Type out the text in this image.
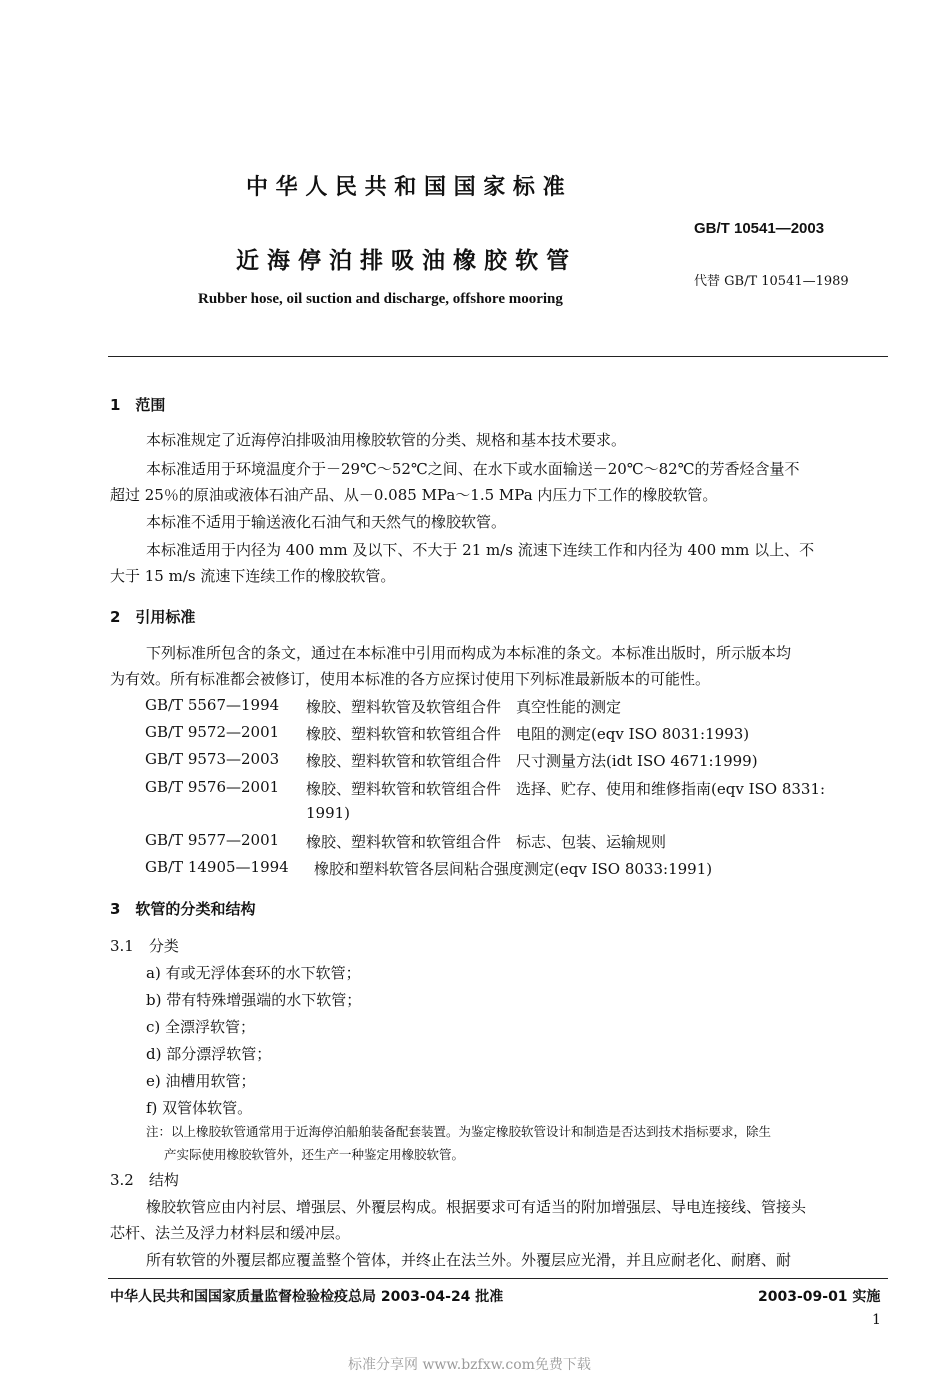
中 华 人 民 共 和 国 国 家 标 准
GB/T 10541—2003
近 海 停 泊 排 吸 油 橡 胶 软 管
代替 GB/T 10541—1989
Rubber hose, oil suction and discharge, offshore mooring
1　范围
本标准规定了近海停泊排吸油用橡胶软管的分类、规格和基本技术要求。
本标准适用于环境温度介于－29℃～52℃之间、在水下或水面输送－20℃～82℃的芳香烃含量不
超过 25％的原油或液体石油产品、从－0.085 MPa～1.5 MPa 内压力下工作的橡胶软管。
本标准不适用于输送液化石油气和天然气的橡胶软管。
本标准适用于内径为 400 mm 及以下、不大于 21 m/s 流速下连续工作和内径为 400 mm 以上、不
大于 15 m/s 流速下连续工作的橡胶软管。
2　引用标准
下列标准所包含的条文，通过在本标准中引用而构成为本标准的条文。本标准出版时，所示版本均
为有效。所有标准都会被修订，使用本标准的各方应探讨使用下列标准最新版本的可能性。
GB/T 5567—1994 橡胶、塑料软管及软管组合件　真空性能的测定
GB/T 9572—2001 橡胶、塑料软管和软管组合件　电阻的测定(eqv ISO 8031:1993)
GB/T 9573—2003 橡胶、塑料软管和软管组合件　尺寸测量方法(idt ISO 4671:1999)
GB/T 9576—2001 橡胶、塑料软管和软管组合件　选择、贮存、使用和维修指南(eqv ISO 8331:
1991)
GB/T 9577—2001 橡胶、塑料软管和软管组合件　标志、包装、运输规则
GB/T 14905—1994 橡胶和塑料软管各层间粘合强度测定(eqv ISO 8033:1991)
3　软管的分类和结构
3.1　分类
a) 有或无浮体套环的水下软管；
b) 带有特殊增强端的水下软管；
c) 全漂浮软管；
d) 部分漂浮软管；
e) 油槽用软管；
f) 双管体软管。
注：以上橡胶软管通常用于近海停泊船舶装备配套装置。为鉴定橡胶软管设计和制造是否达到技术指标要求，除生
产实际使用橡胶软管外，还生产一种鉴定用橡胶软管。
3.2　结构
橡胶软管应由内衬层、增强层、外覆层构成。根据要求可有适当的附加增强层、导电连接线、管接头
芯杆、法兰及浮力材料层和缓冲层。
所有软管的外覆层都应覆盖整个管体，并终止在法兰外。外覆层应光滑，并且应耐老化、耐磨、耐
中华人民共和国国家质量监督检验检疫总局 2003-04-24 批准	2003-09-01 实施
1
标准分享网 www.bzfxw.com免费下载
